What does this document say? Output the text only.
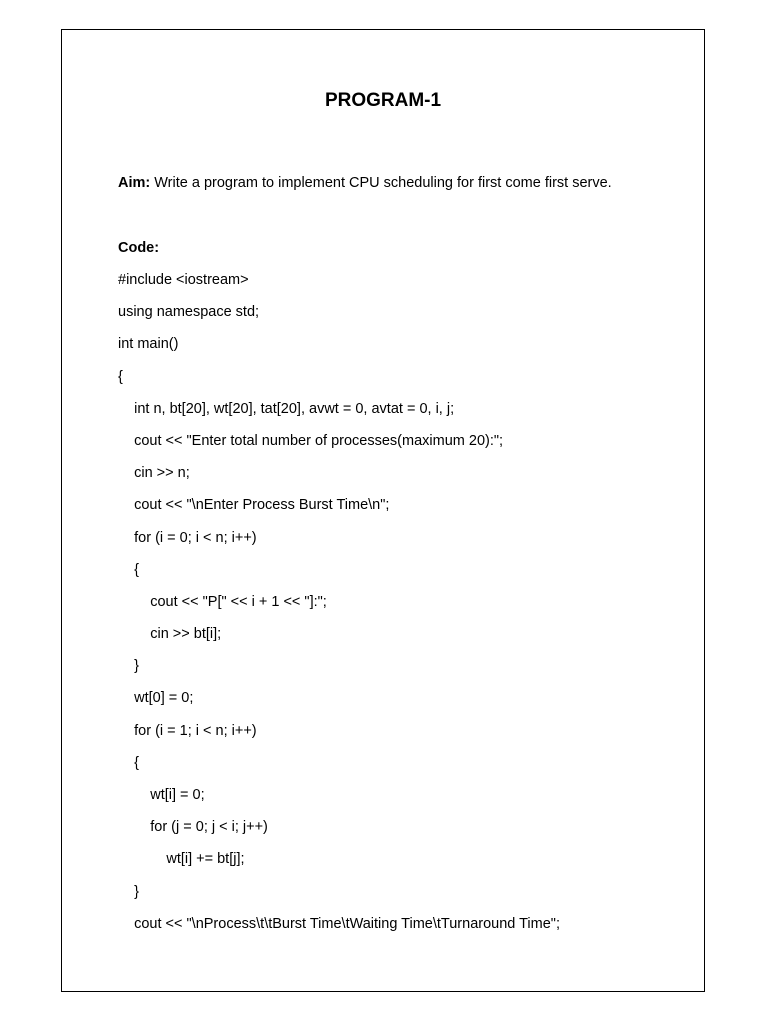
PROGRAM-1
Aim: Write a program to implement CPU scheduling for first come first serve.
Code:
#include <iostream>
using namespace std;
int main()
{
int n, bt[20], wt[20], tat[20], avwt = 0, avtat = 0, i, j;
cout << "Enter total number of processes(maximum 20):";
cin >> n;
cout << "\nEnter Process Burst Time\n";
for (i = 0; i < n; i++)
{
cout << "P[" << i + 1 << "]:";
cin >> bt[i];
}
wt[0] = 0;
for (i = 1; i < n; i++)
{
wt[i] = 0;
for (j = 0; j < i; j++)
wt[i] += bt[j];
}
cout << "\nProcess\t\tBurst Time\tWaiting Time\tTurnaround Time";
